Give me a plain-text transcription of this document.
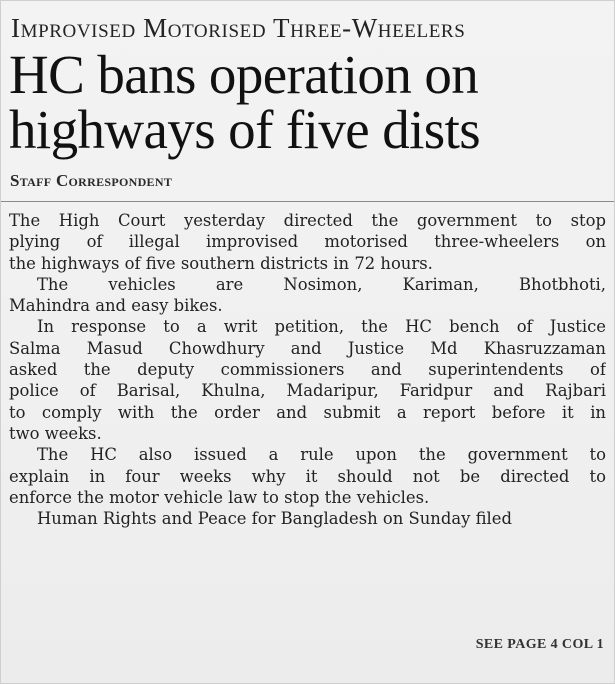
Improvised Motorised Three-Wheelers
HC bans operation on
highways of five dists
Staff Correspondent
The High Court yesterday directed the government to stop
plying of illegal improvised motorised three-wheelers on
the highways of five southern districts in 72 hours.
The vehicles are Nosimon, Kariman, Bhotbhoti,
Mahindra and easy bikes.
In response to a writ petition, the HC bench of Justice
Salma Masud Chowdhury and Justice Md Khasruzzaman
asked the deputy commissioners and superintendents of
police of Barisal, Khulna, Madaripur, Faridpur and Rajbari
to comply with the order and submit a report before it in
two weeks.
The HC also issued a rule upon the government to
explain in four weeks why it should not be directed to
enforce the motor vehicle law to stop the vehicles.
Human Rights and Peace for Bangladesh on Sunday filed
SEE PAGE 4 COL 1
